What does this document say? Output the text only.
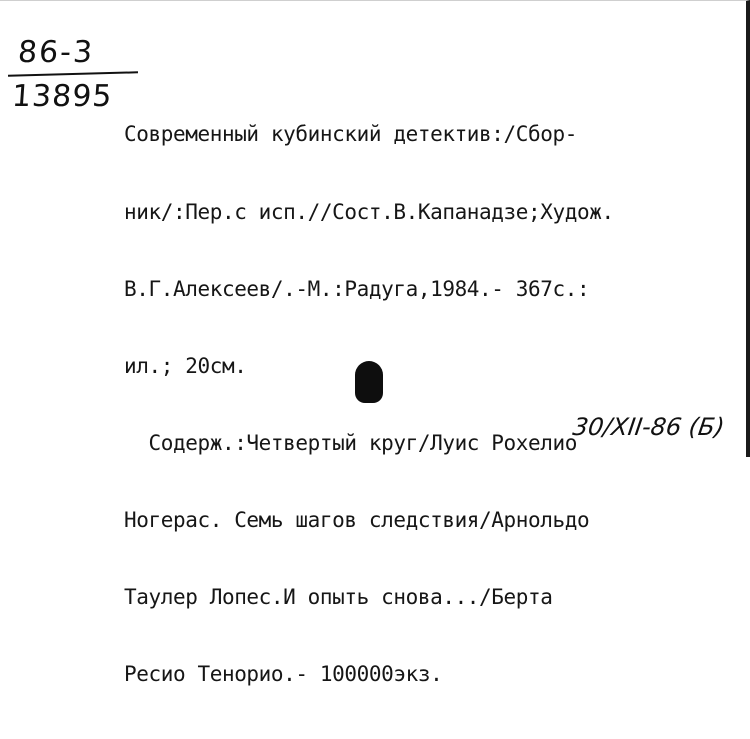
86-3
13895

Современный кубинский детектив:/Сбор-

ник/:Пер.с исп.//Сост.В.Капанадзе;Худож.

В.Г.Алексеев/.-М.:Радуга,1984.- 367с.:

ил.; 20см.

Содерж.:Четвертый круг/Луис Рохелио

Ногерас. Семь шагов следствия/Арнольдо

Таулер Лопес.И опыть снова.../Берта

Ресио Тенорио.- 100000экз.

30/XII-86 (Б)
